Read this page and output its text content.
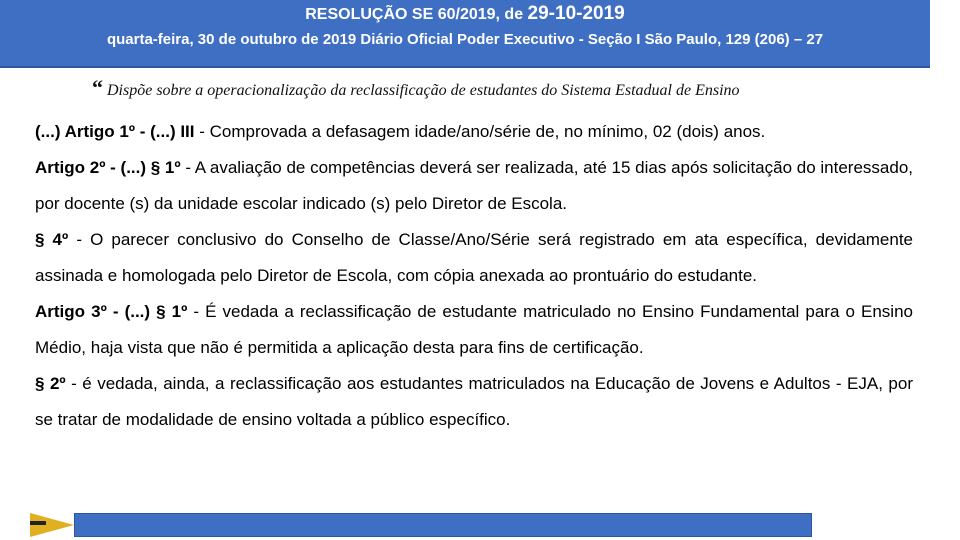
RESOLUÇÃO SE 60/2019, de 29-10-2019
quarta-feira, 30 de outubro de 2019 Diário Oficial Poder Executivo - Seção I São Paulo, 129 (206) – 27
“ Dispõe sobre a operacionalização da reclassificação de estudantes do Sistema Estadual de Ensino

(...) Artigo 1º - (...) III - Comprovada a defasagem idade/ano/série de, no mínimo, 02 (dois) anos.

Artigo 2º - (...) § 1º - A avaliação de competências deverá ser realizada, até 15 dias após solicitação do interessado, por docente (s) da unidade escolar indicado (s) pelo Diretor de Escola.

§ 4º - O parecer conclusivo do Conselho de Classe/Ano/Série será registrado em ata específica, devidamente assinada e homologada pelo Diretor de Escola, com cópia anexada ao prontuário do estudante.

Artigo 3º - (...) § 1º - É vedada a reclassificação de estudante matriculado no Ensino Fundamental para o Ensino Médio, haja vista que não é permitida a aplicação desta para fins de certificação.

§ 2º - é vedada, ainda, a reclassificação aos estudantes matriculados na Educação de Jovens e Adultos - EJA, por se tratar de modalidade de ensino voltada a público específico.
